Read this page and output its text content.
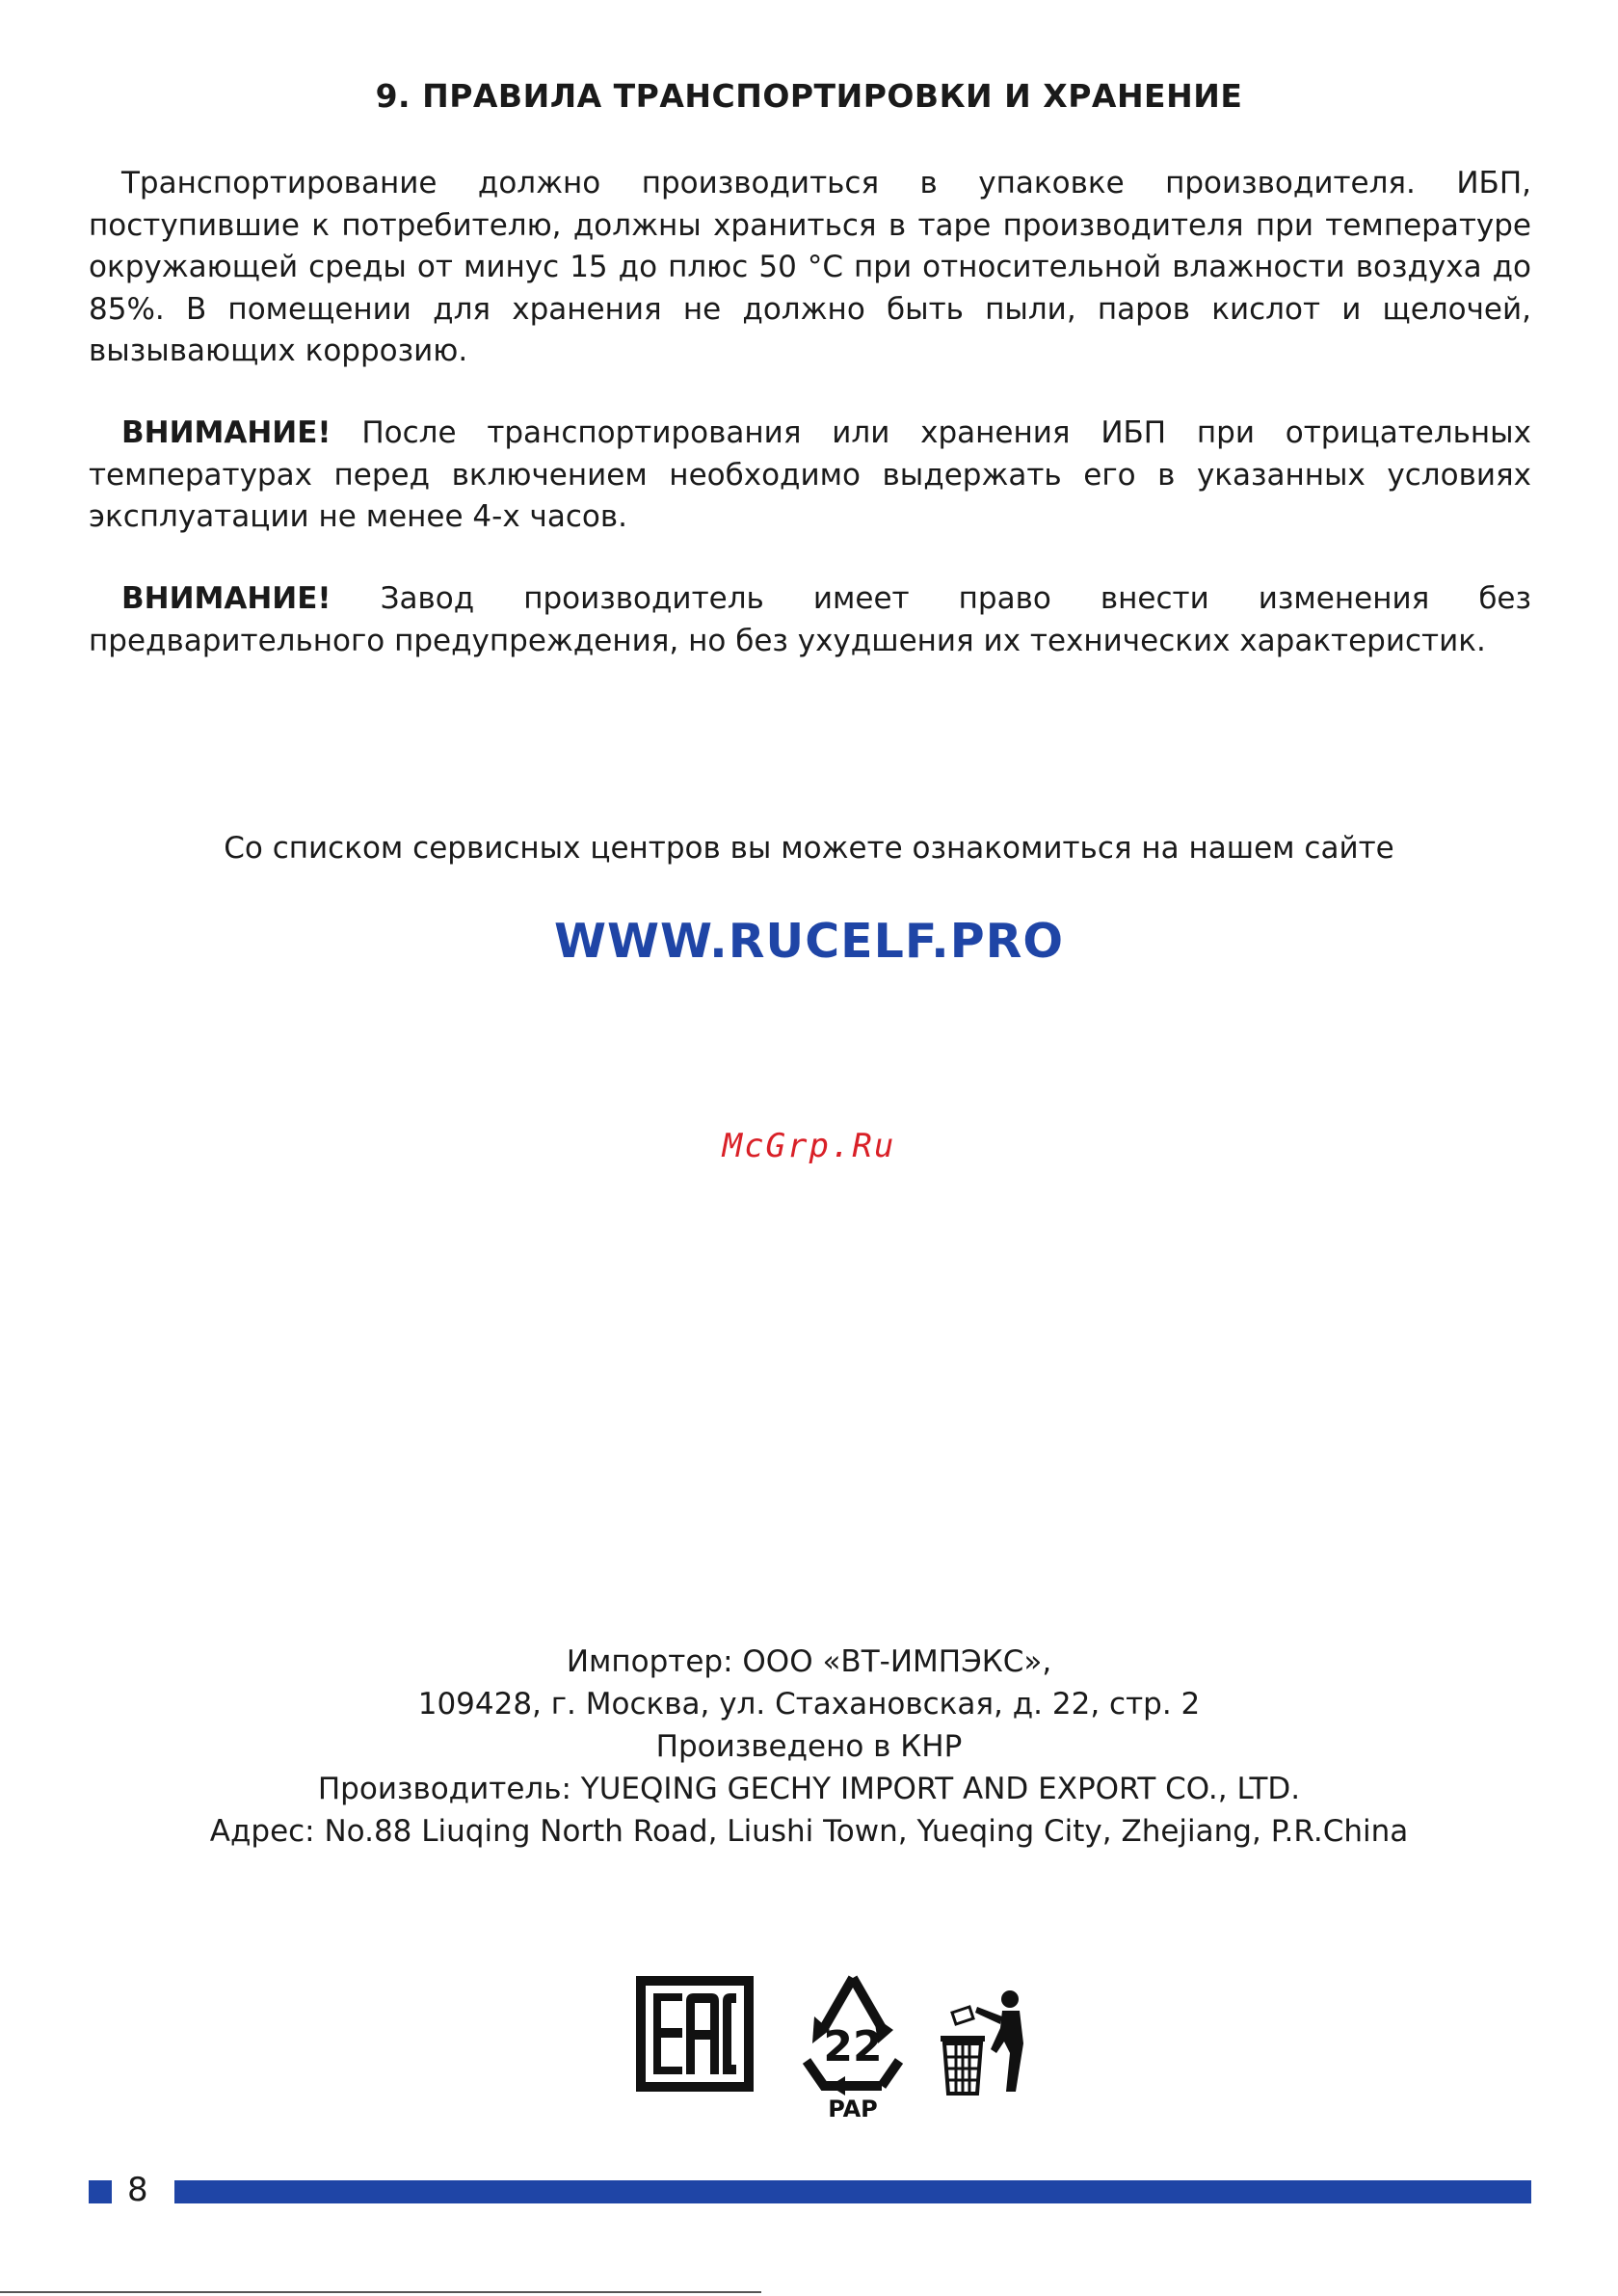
9. ПРАВИЛА ТРАНСПОРТИРОВКИ И ХРАНЕНИЕ

Транспортирование должно производиться в упаковке производителя. ИБП, поступившие к потребителю, должны храниться в таре производителя при температуре окружающей среды от минус 15 до плюс 50 °С при относительной влажности воздуха до 85%. В помещении для хранения не должно быть пыли, паров кислот и щелочей, вызывающих коррозию.

ВНИМАНИЕ! После транспортирования или хранения ИБП при отрицательных температурах перед включением необходимо выдержать его в указанных условиях эксплуатации не менее 4-х часов.

ВНИМАНИЕ! Завод производитель имеет право внести изменения без предварительного предупреждения, но без ухудшения их технических характеристик.

Со списком сервисных центров вы можете ознакомиться на нашем сайте
WWW.RUCELF.PRO
McGrp.Ru
Импортер: ООО «ВТ-ИМПЭКС»,
109428, г. Москва, ул. Стахановская, д. 22, стр. 2
Произведено в КНР
Производитель: YUEQING GECHY IMPORT AND EXPORT CO., LTD.
Адрес: No.88 Liuqing North Road, Liushi Town, Yueqing City, Zhejiang, P.R.China
22
PAP
8
